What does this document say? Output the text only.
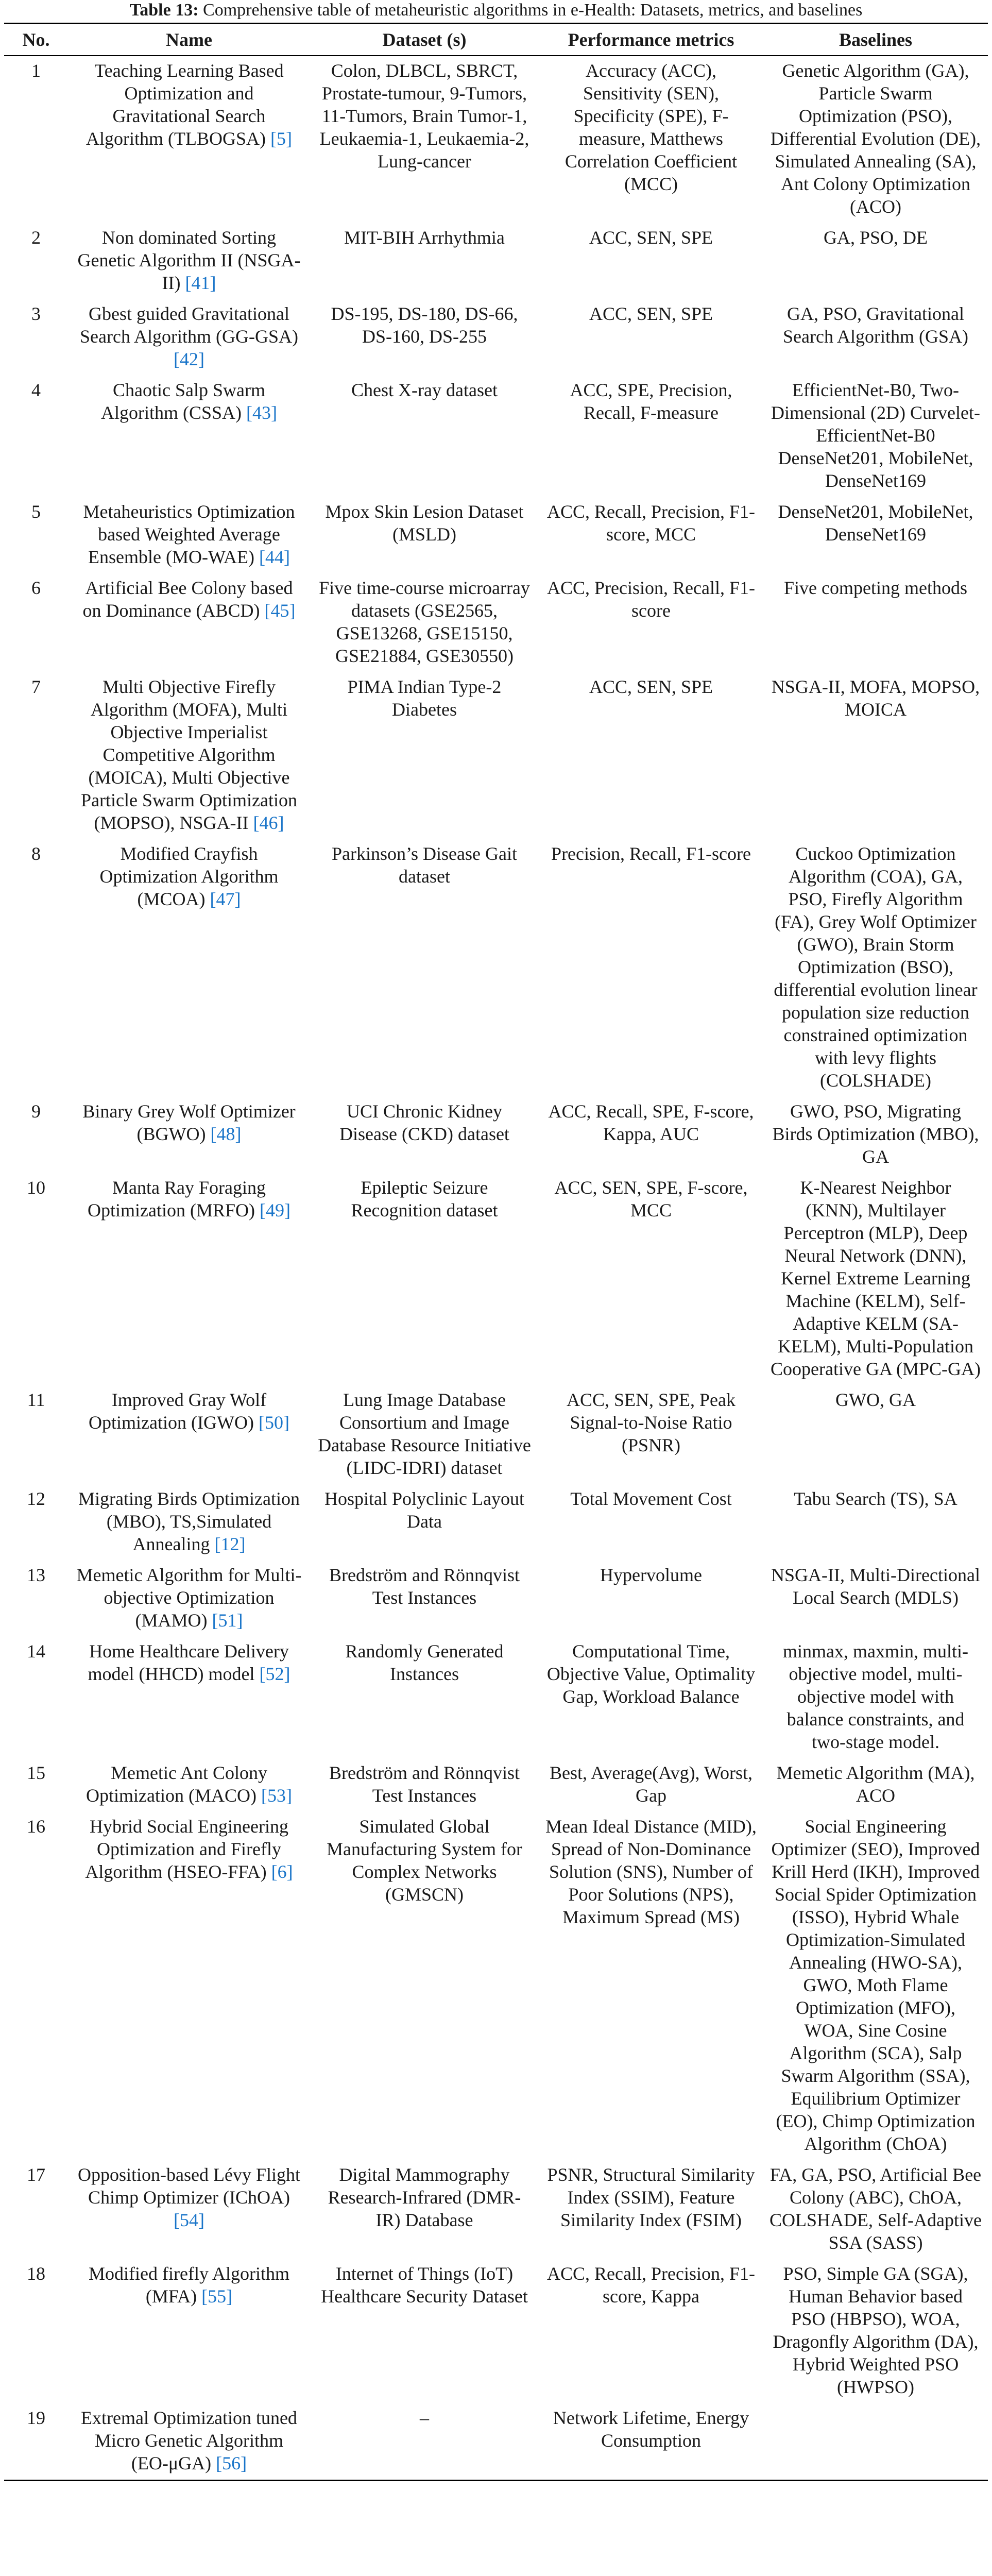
Table 13: Comprehensive table of metaheuristic algorithms in e-Health: Datasets, metrics, and baselines
No.	Name	Dataset (s)	Performance metrics	Baselines
1	Teaching Learning Based Optimization and Gravitational Search Algorithm (TLBOGSA) [5]	Colon, DLBCL, SBRCT, Prostate-tumour, 9-Tumors, 11-Tumors, Brain Tumor-1, Leukaemia-1, Leukaemia-2, Lung-cancer	Accuracy (ACC), Sensitivity (SEN), Specificity (SPE), F-measure, Matthews Correlation Coefficient (MCC)	Genetic Algorithm (GA), Particle Swarm Optimization (PSO), Differential Evolution (DE), Simulated Annealing (SA), Ant Colony Optimization (ACO)
2	Non dominated Sorting Genetic Algorithm II (NSGA-II) [41]	MIT-BIH Arrhythmia	ACC, SEN, SPE	GA, PSO, DE
3	Gbest guided Gravitational Search Algorithm (GG-GSA) [42]	DS-195, DS-180, DS-66, DS-160, DS-255	ACC, SEN, SPE	GA, PSO, Gravitational Search Algorithm (GSA)
4	Chaotic Salp Swarm Algorithm (CSSA) [43]	Chest X-ray dataset	ACC, SPE, Precision, Recall, F-measure	EfficientNet-B0, Two-Dimensional (2D) Curvelet-EfficientNet-B0 DenseNet201, MobileNet, DenseNet169
5	Metaheuristics Optimization based Weighted Average Ensemble (MO-WAE) [44]	Mpox Skin Lesion Dataset (MSLD)	ACC, Recall, Precision, F1-score, MCC	DenseNet201, MobileNet, DenseNet169
6	Artificial Bee Colony based on Dominance (ABCD) [45]	Five time-course microarray datasets (GSE2565, GSE13268, GSE15150, GSE21884, GSE30550)	ACC, Precision, Recall, F1-score	Five competing methods
7	Multi Objective Firefly Algorithm (MOFA), Multi Objective Imperialist Competitive Algorithm (MOICA), Multi Objective Particle Swarm Optimization (MOPSO), NSGA-II [46]	PIMA Indian Type-2 Diabetes	ACC, SEN, SPE	NSGA-II, MOFA, MOPSO, MOICA
8	Modified Crayfish Optimization Algorithm (MCOA) [47]	Parkinson’s Disease Gait dataset	Precision, Recall, F1-score	Cuckoo Optimization Algorithm (COA), GA, PSO, Firefly Algorithm (FA), Grey Wolf Optimizer (GWO), Brain Storm Optimization (BSO), differential evolution linear population size reduction constrained optimization with levy flights (COLSHADE)
9	Binary Grey Wolf Optimizer (BGWO) [48]	UCI Chronic Kidney Disease (CKD) dataset	ACC, Recall, SPE, F-score, Kappa, AUC	GWO, PSO, Migrating Birds Optimization (MBO), GA
10	Manta Ray Foraging Optimization (MRFO) [49]	Epileptic Seizure Recognition dataset	ACC, SEN, SPE, F-score, MCC	K-Nearest Neighbor (KNN), Multilayer Perceptron (MLP), Deep Neural Network (DNN), Kernel Extreme Learning Machine (KELM), Self-Adaptive KELM (SA-KELM), Multi-Population Cooperative GA (MPC-GA)
11	Improved Gray Wolf Optimization (IGWO) [50]	Lung Image Database Consortium and Image Database Resource Initiative (LIDC-IDRI) dataset	ACC, SEN, SPE, Peak Signal-to-Noise Ratio (PSNR)	GWO, GA
12	Migrating Birds Optimization (MBO), TS,Simulated Annealing [12]	Hospital Polyclinic Layout Data	Total Movement Cost	Tabu Search (TS), SA
13	Memetic Algorithm for Multi-objective Optimization (MAMO) [51]	Bredström and Rönnqvist Test Instances	Hypervolume	NSGA-II, Multi-Directional Local Search (MDLS)
14	Home Healthcare Delivery model (HHCD) model [52]	Randomly Generated Instances	Computational Time, Objective Value, Optimality Gap, Workload Balance	minmax, maxmin, multi-objective model, multi-objective model with balance constraints, and two-stage model.
15	Memetic Ant Colony Optimization (MACO) [53]	Bredström and Rönnqvist Test Instances	Best, Average(Avg), Worst, Gap	Memetic Algorithm (MA), ACO
16	Hybrid Social Engineering Optimization and Firefly Algorithm (HSEO-FFA) [6]	Simulated Global Manufacturing System for Complex Networks (GMSCN)	Mean Ideal Distance (MID), Spread of Non-Dominance Solution (SNS), Number of Poor Solutions (NPS), Maximum Spread (MS)	Social Engineering Optimizer (SEO), Improved Krill Herd (IKH), Improved Social Spider Optimization (ISSO), Hybrid Whale Optimization-Simulated Annealing (HWO-SA), GWO, Moth Flame Optimization (MFO), WOA, Sine Cosine Algorithm (SCA), Salp Swarm Algorithm (SSA), Equilibrium Optimizer (EO), Chimp Optimization Algorithm (ChOA)
17	Opposition-based Lévy Flight Chimp Optimizer (IChOA) [54]	Digital Mammography Research-Infrared (DMR-IR) Database	PSNR, Structural Similarity Index (SSIM), Feature Similarity Index (FSIM)	FA, GA, PSO, Artificial Bee Colony (ABC), ChOA, COLSHADE, Self-Adaptive SSA (SASS)
18	Modified firefly Algorithm (MFA) [55]	Internet of Things (IoT) Healthcare Security Dataset	ACC, Recall, Precision, F1-score, Kappa	PSO, Simple GA (SGA), Human Behavior based PSO (HBPSO), WOA, Dragonfly Algorithm (DA), Hybrid Weighted PSO (HWPSO)
19	Extremal Optimization tuned Micro Genetic Algorithm (EO-μGA) [56]	–	Network Lifetime, Energy Consumption	
